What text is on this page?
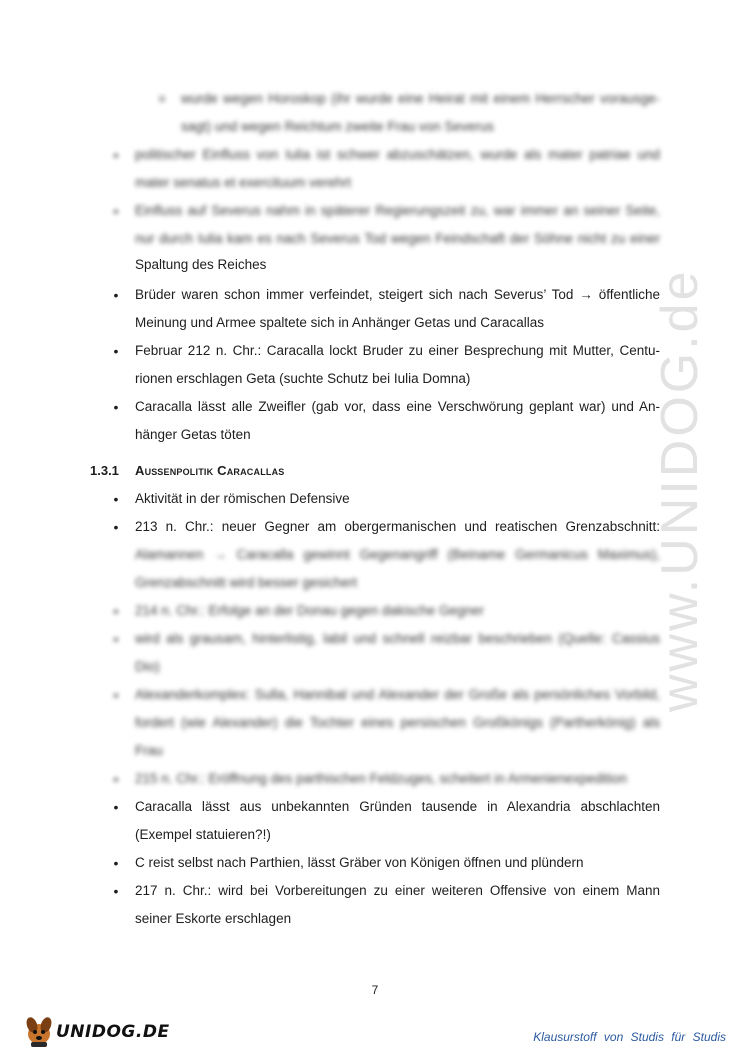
www.UNIDOG.de
o wurde wegen Horoskop (ihr wurde eine Heirat mit einem Herrscher vorausge-
sagt) und wegen Reichtum zweite Frau von Severus
• politischer Einfluss von Iulia ist schwer abzuschätzen, wurde als mater patriae und
mater senatus et exercituum verehrt
• Einfluss auf Severus nahm in späterer Regierungszeit zu, war immer an seiner Seite,
nur durch Iulia kam es nach Severus Tod wegen Feindschaft der Söhne nicht zu einer
Spaltung des Reiches
• Brüder waren schon immer verfeindet, steigert sich nach Severus’ Tod → öffentliche
Meinung und Armee spaltete sich in Anhänger Getas und Caracallas
• Februar 212 n. Chr.: Caracalla lockt Bruder zu einer Besprechung mit Mutter, Centu-
rionen erschlagen Geta (suchte Schutz bei Iulia Domna)
• Caracalla lässt alle Zweifler (gab vor, dass eine Verschwörung geplant war) und An-
hänger Getas töten
1.3.1 Außenpolitik Caracallas
• Aktivität in der römischen Defensive
• 213 n. Chr.: neuer Gegner am obergermanischen und reatischen Grenzabschnitt:
Alamannen → Caracalla gewinnt Gegenangriff (Beiname Germanicus Maximus),
Grenzabschnitt wird besser gesichert
• 214 n. Chr.: Erfolge an der Donau gegen dakische Gegner
• wird als grausam, hinterlistig, labil und schnell reizbar beschrieben (Quelle: Cassius
Dio)
• Alexanderkomplex: Sulla, Hannibal und Alexander der Große als persönliches Vorbild,
fordert (wie Alexander) die Tochter eines persischen Großkönigs (Partherkönig) als
Frau
• 215 n. Chr.: Eröffnung des parthischen Feldzuges, scheitert in Armenienexpedition
• Caracalla lässt aus unbekannten Gründen tausende in Alexandria abschlachten
(Exempel statuieren?!)
• C reist selbst nach Parthien, lässt Gräber von Königen öffnen und plündern
• 217 n. Chr.: wird bei Vorbereitungen zu einer weiteren Offensive von einem Mann
seiner Eskorte erschlagen
7
UNIDOG.DE	Klausurstoff von Studis für Studis
